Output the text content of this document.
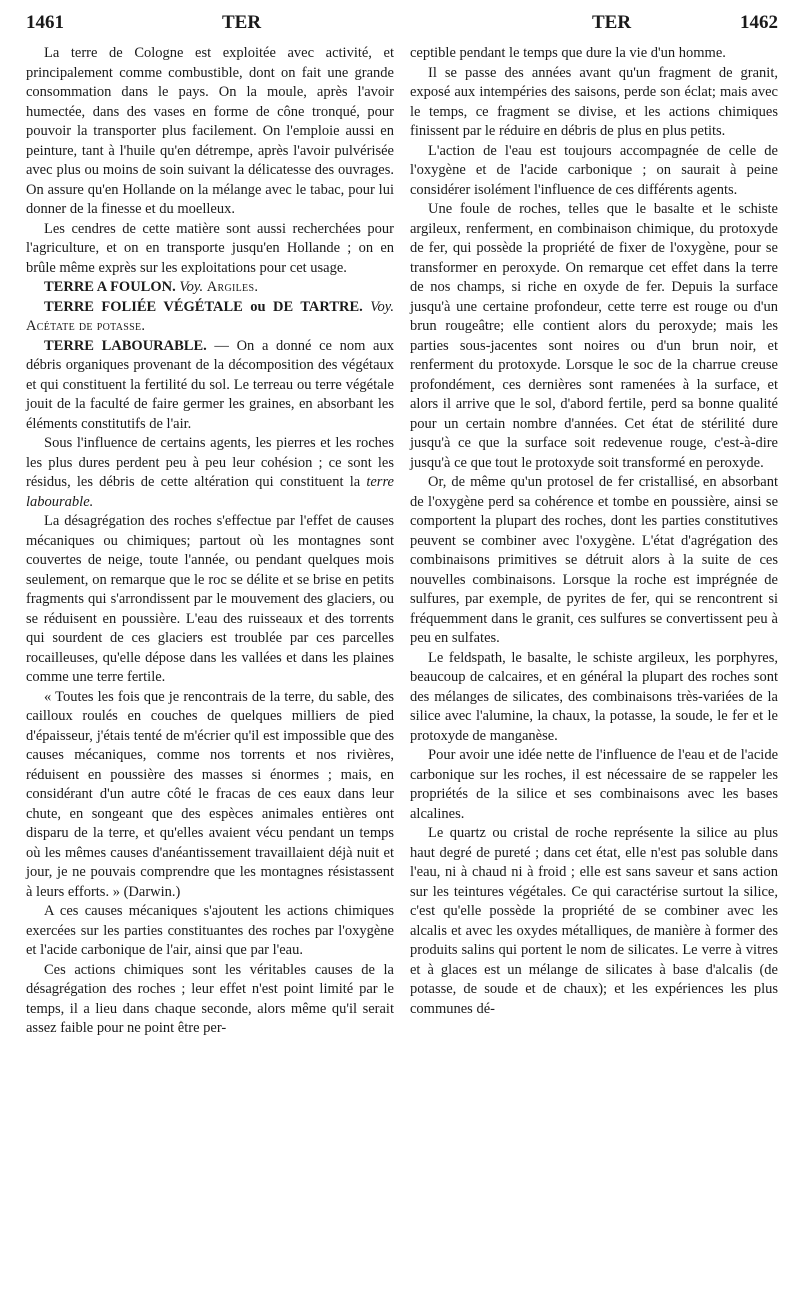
1461	TER	TER	1462

La terre de Cologne est exploitée avec activité, et principalement comme combustible, dont on fait une grande consommation dans le pays. On la moule, après l'avoir humectée, dans des vases en forme de cône tronqué, pour pouvoir la transporter plus facilement. On l'emploie aussi en peinture, tant à l'huile qu'en détrempe, après l'avoir pulvérisée avec plus ou moins de soin suivant la délicatesse des ouvrages. On assure qu'en Hollande on la mélange avec le tabac, pour lui donner de la finesse et du moelleux.

Les cendres de cette matière sont aussi recherchées pour l'agriculture, et on en transporte jusqu'en Hollande ; on en brûle même exprès sur les exploitations pour cet usage.

TERRE A FOULON. Voy. Argiles.

TERRE FOLIÉE VÉGÉTALE ou DE TARTRE. Voy. Acétate de potasse.

TERRE LABOURABLE. — On a donné ce nom aux débris organiques provenant de la décomposition des végétaux et qui constituent la fertilité du sol. Le terreau ou terre végétale jouit de la faculté de faire germer les graines, en absorbant les éléments constitutifs de l'air.

Sous l'influence de certains agents, les pierres et les roches les plus dures perdent peu à peu leur cohésion ; ce sont les résidus, les débris de cette altération qui constituent la terre labourable.

La désagrégation des roches s'effectue par l'effet de causes mécaniques ou chimiques; partout où les montagnes sont couvertes de neige, toute l'année, ou pendant quelques mois seulement, on remarque que le roc se délite et se brise en petits fragments qui s'arrondissent par le mouvement des glaciers, ou se réduisent en poussière. L'eau des ruisseaux et des torrents qui sourdent de ces glaciers est troublée par ces parcelles rocailleuses, qu'elle dépose dans les vallées et dans les plaines comme une terre fertile.

« Toutes les fois que je rencontrais de la terre, du sable, des cailloux roulés en couches de quelques milliers de pied d'épaisseur, j'étais tenté de m'écrier qu'il est impossible que des causes mécaniques, comme nos torrents et nos rivières, réduisent en poussière des masses si énormes ; mais, en considérant d'un autre côté le fracas de ces eaux dans leur chute, en songeant que des espèces animales entières ont disparu de la terre, et qu'elles avaient vécu pendant un temps où les mêmes causes d'anéantissement travaillaient déjà nuit et jour, je ne pouvais comprendre que les montagnes résistassent à leurs efforts. » (Darwin.)

A ces causes mécaniques s'ajoutent les actions chimiques exercées sur les parties constituantes des roches par l'oxygène et l'acide carbonique de l'air, ainsi que par l'eau.

Ces actions chimiques sont les véritables causes de la désagrégation des roches ; leur effet n'est point limité par le temps, il a lieu dans chaque seconde, alors même qu'il serait assez faible pour ne point être per-

ceptible pendant le temps que dure la vie d'un homme.

Il se passe des années avant qu'un fragment de granit, exposé aux intempéries des saisons, perde son éclat; mais avec le temps, ce fragment se divise, et les actions chimiques finissent par le réduire en débris de plus en plus petits.

L'action de l'eau est toujours accompagnée de celle de l'oxygène et de l'acide carbonique ; on saurait à peine considérer isolément l'influence de ces différents agents.

Une foule de roches, telles que le basalte et le schiste argileux, renferment, en combinaison chimique, du protoxyde de fer, qui possède la propriété de fixer de l'oxygène, pour se transformer en peroxyde. On remarque cet effet dans la terre de nos champs, si riche en oxyde de fer. Depuis la surface jusqu'à une certaine profondeur, cette terre est rouge ou d'un brun rougeâtre; elle contient alors du peroxyde; mais les parties sous-jacentes sont noires ou d'un brun noir, et renferment du protoxyde. Lorsque le soc de la charrue creuse profondément, ces dernières sont ramenées à la surface, et alors il arrive que le sol, d'abord fertile, perd sa bonne qualité pour un certain nombre d'années. Cet état de stérilité dure jusqu'à ce que la surface soit redevenue rouge, c'est-à-dire jusqu'à ce que tout le protoxyde soit transformé en peroxyde.

Or, de même qu'un protosel de fer cristallisé, en absorbant de l'oxygène perd sa cohérence et tombe en poussière, ainsi se comportent la plupart des roches, dont les parties constitutives peuvent se combiner avec l'oxygène. L'état d'agrégation des combinaisons primitives se détruit alors à la suite de ces nouvelles combinaisons. Lorsque la roche est imprégnée de sulfures, par exemple, de pyrites de fer, qui se rencontrent si fréquemment dans le granit, ces sulfures se convertissent peu à peu en sulfates.

Le feldspath, le basalte, le schiste argileux, les porphyres, beaucoup de calcaires, et en général la plupart des roches sont des mélanges de silicates, des combinaisons très-variées de la silice avec l'alumine, la chaux, la potasse, la soude, le fer et le protoxyde de manganèse.

Pour avoir une idée nette de l'influence de l'eau et de l'acide carbonique sur les roches, il est nécessaire de se rappeler les propriétés de la silice et ses combinaisons avec les bases alcalines.

Le quartz ou cristal de roche représente la silice au plus haut degré de pureté ; dans cet état, elle n'est pas soluble dans l'eau, ni à chaud ni à froid ; elle est sans saveur et sans action sur les teintures végétales. Ce qui caractérise surtout la silice, c'est qu'elle possède la propriété de se combiner avec les alcalis et avec les oxydes métalliques, de manière à former des produits salins qui portent le nom de silicates. Le verre à vitres et à glaces est un mélange de silicates à base d'alcalis (de potasse, de soude et de chaux); et les expériences les plus communes dé-
